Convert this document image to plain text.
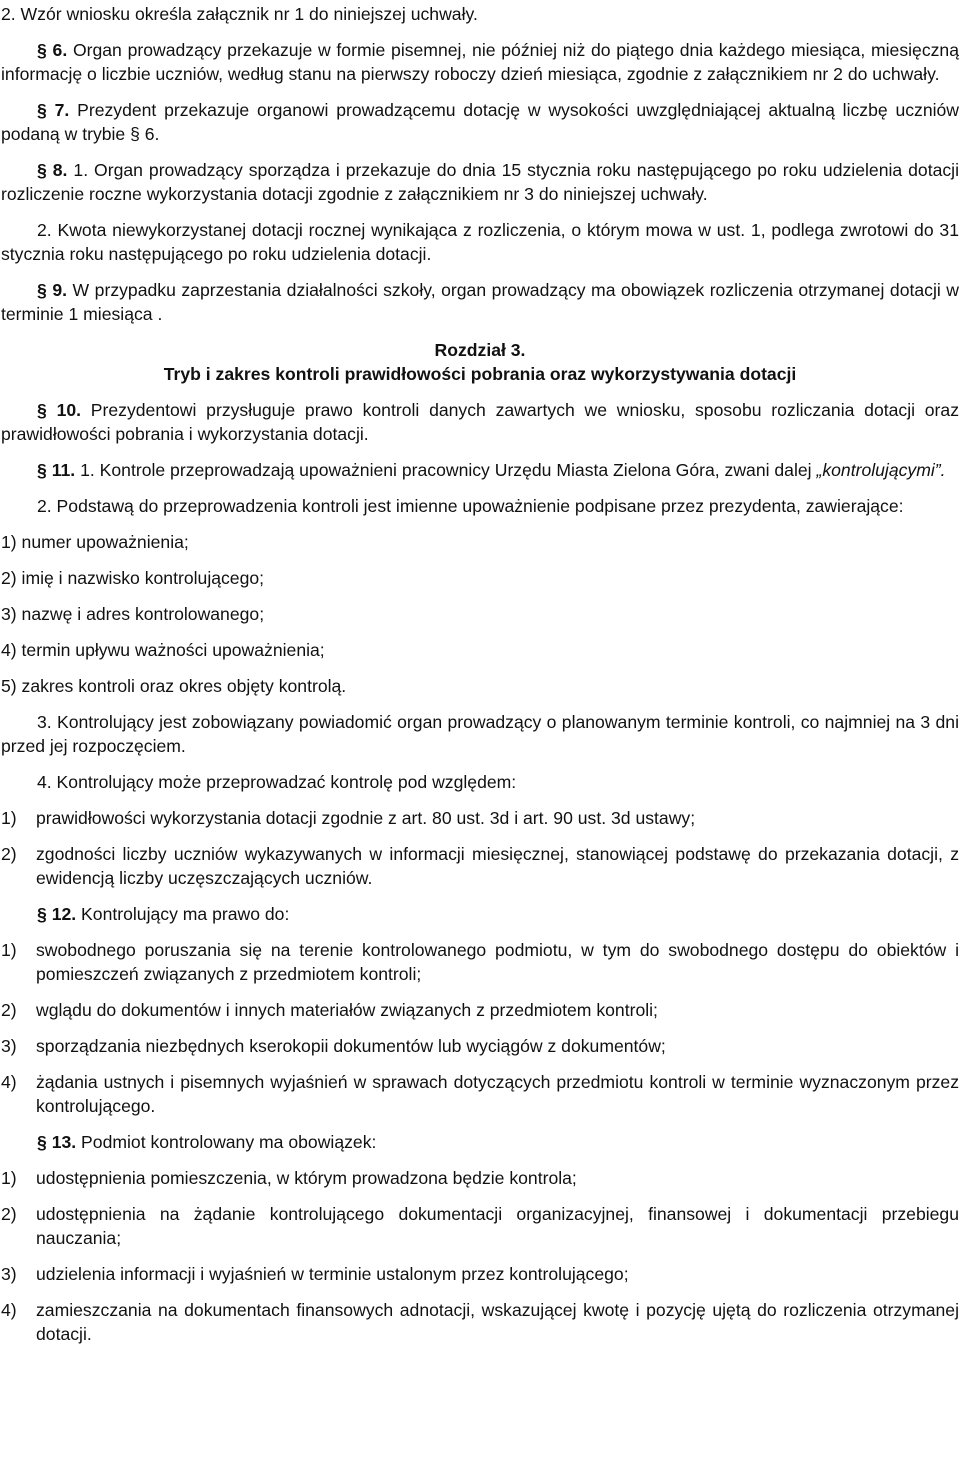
2. Wzór wniosku określa załącznik nr 1 do niniejszej uchwały.

§ 6. Organ prowadzący przekazuje w formie pisemnej, nie później niż do piątego dnia każdego miesiąca, miesięczną informację o liczbie uczniów, według stanu na pierwszy roboczy dzień miesiąca, zgodnie z załącznikiem nr 2 do uchwały.

§ 7. Prezydent przekazuje organowi prowadzącemu dotację w wysokości uwzględniającej aktualną liczbę uczniów podaną w trybie § 6.

§ 8. 1. Organ prowadzący sporządza i przekazuje do dnia 15 stycznia roku następującego po roku udzielenia dotacji rozliczenie roczne wykorzystania dotacji zgodnie z załącznikiem nr 3 do niniejszej uchwały.

2. Kwota niewykorzystanej dotacji rocznej wynikająca z rozliczenia, o którym mowa w ust. 1, podlega zwrotowi do 31 stycznia roku następującego po roku udzielenia dotacji.

§ 9. W przypadku zaprzestania działalności szkoły, organ prowadzący ma obowiązek rozliczenia otrzymanej dotacji w terminie 1 miesiąca .

Rozdział 3.

Tryb i zakres kontroli prawidłowości pobrania oraz wykorzystywania dotacji

§ 10. Prezydentowi przysługuje prawo kontroli danych zawartych we wniosku, sposobu rozliczania dotacji oraz prawidłowości pobrania i wykorzystania dotacji.

§ 11. 1. Kontrole przeprowadzają upoważnieni pracownicy Urzędu Miasta Zielona Góra, zwani dalej „kontrolującymi”.

2. Podstawą do przeprowadzenia kontroli jest imienne upoważnienie podpisane przez prezydenta, zawierające:

1) numer upoważnienia;

2) imię i nazwisko kontrolującego;

3) nazwę i adres kontrolowanego;

4) termin upływu ważności upoważnienia;

5) zakres kontroli oraz okres objęty kontrolą.

3. Kontrolujący jest zobowiązany powiadomić organ prowadzący o planowanym terminie kontroli, co najmniej na 3 dni przed jej rozpoczęciem.

4. Kontrolujący może przeprowadzać kontrolę pod względem:

1)	prawidłowości wykorzystania dotacji zgodnie z art. 80 ust. 3d i art. 90 ust. 3d ustawy;
2)	zgodności liczby uczniów wykazywanych w informacji miesięcznej, stanowiącej podstawę do przekazania dotacji, z ewidencją liczby uczęszczających uczniów.

§ 12. Kontrolujący ma prawo do:

1)	swobodnego poruszania się na terenie kontrolowanego podmiotu, w tym do swobodnego dostępu do obiektów i pomieszczeń związanych z przedmiotem kontroli;
2)	wglądu do dokumentów i innych materiałów związanych z przedmiotem kontroli;
3)	sporządzania niezbędnych kserokopii dokumentów lub wyciągów z dokumentów;
4)	żądania ustnych i pisemnych wyjaśnień w sprawach dotyczących przedmiotu kontroli w terminie wyznaczonym przez kontrolującego.

§ 13. Podmiot kontrolowany ma obowiązek:

1)	udostępnienia pomieszczenia, w którym prowadzona będzie kontrola;
2)	udostępnienia na żądanie kontrolującego dokumentacji organizacyjnej, finansowej i dokumentacji przebiegu nauczania;
3)	udzielenia informacji i wyjaśnień w terminie ustalonym przez kontrolującego;
4)	zamieszczania na dokumentach finansowych adnotacji, wskazującej kwotę i pozycję ujętą do rozliczenia otrzymanej dotacji.
